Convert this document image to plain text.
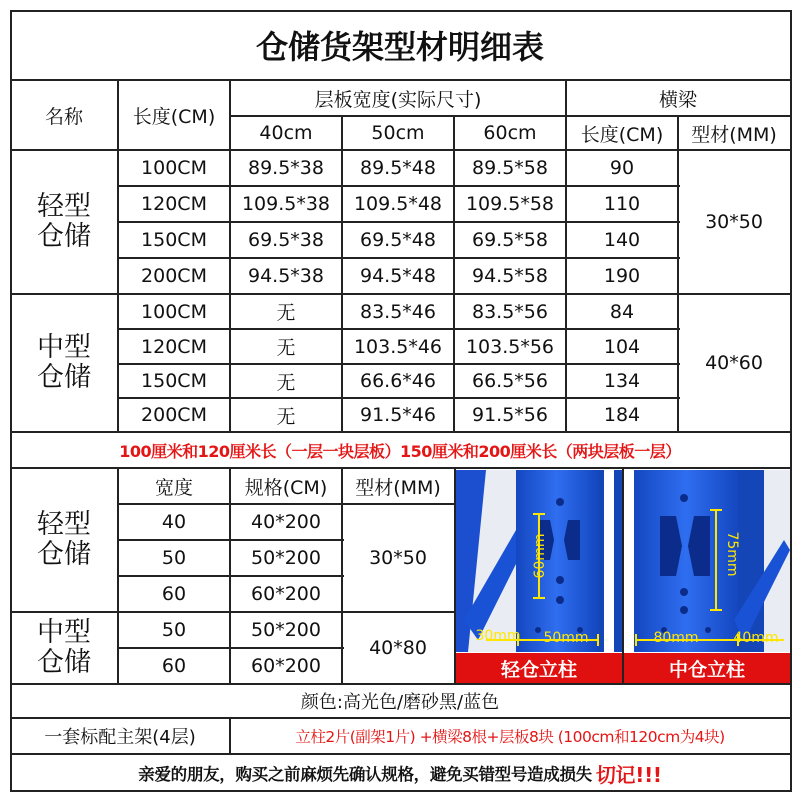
仓储货架型材明细表
名称	长度(CM)
层板宽度(实际尺寸)	横梁
40cm	50cm	60cm	长度(CM)	型材(MM)
轻型仓储	30*50
100CM	89.5*38	89.5*48	89.5*58	90
120CM	109.5*38	109.5*48	109.5*58	110
150CM	69.5*38	69.5*48	69.5*58	140
200CM	94.5*38	94.5*48	94.5*58	190
中型仓储	40*60
100CM	无	83.5*46	83.5*56	84
120CM	无	103.5*46	103.5*56	104
150CM	无	66.6*46	66.5*56	134
200CM	无	91.5*46	91.5*56	184
100厘米和120厘米长（一层一块层板）150厘米和200厘米长（两块层板一层）
宽度	规格(CM)	型材(MM)
轻型仓储	30*50
40	40*200
50	50*200
60	60*200
中型仓储	40*80
50	50*200
60	60*200
60mm
30mm	50mm
轻仓立柱
75mm
80mm	40mm
中仓立柱
颜色:高光色/磨砂黑/蓝色
一套标配主架(4层)	立柱2片(副架1片) +横梁8根+层板8块 (100cm和120cm为4块)
亲爱的朋友，购买之前麻烦先确认规格，避免买错型号造成损失 切记!!!
